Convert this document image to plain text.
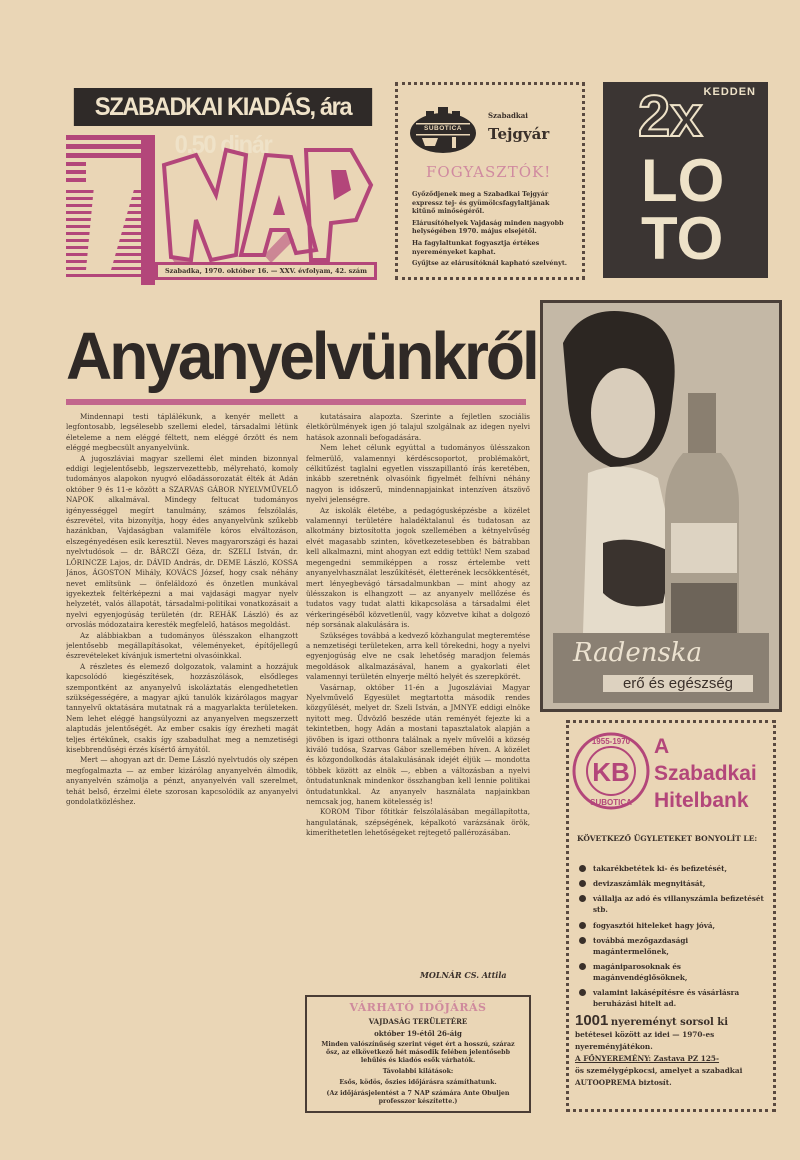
SZABADKAI KIADÁS, ára 0.50 dinár
Szabadka, 1970. október 16. — XXV. évfolyam, 42. szám
SUBOTICA
Szabadkai
Tejgyár
FOGYASZTÓK!

Győződjenek meg a Szabadkai Tejgyár expressz tej- és gyümölcsfagylaltjának kitűnő minőségéről.

Elárusítóhelyek Vajdaság minden nagyobb helységében 1970. május elsejétől.

Ha fagylaltunkat fogyasztja értékes nyereményeket kaphat.

Gyűjtse az elárusítóknál kapható szelvényt.

KEDDEN
2x
LOTO
Anyanyelvünkről

Mindennapi testi táplálékunk, a kenyér mellett a legfontosabb, legsélesebb szellemi eledel, társadalmi létünk életeleme a nem eléggé féltett, nem eléggé őrzött és nem eléggé megbecsült anyanyelvünk.

A jugoszláviai magyar szellemi élet minden bizonnyal eddigi legjelentősebb, legszervezettebb, mélyreható, komoly tudományos alapokon nyugvó előadássorozatát élték át Adán október 9 és 11-e között a SZARVAS GÁBOR NYELVMŰVELŐ NAPOK alkalmával. Mindegy feltucat tudományos igényességgel megírt tanulmány, számos felszólalás, észrevétel, vita bizonyítja, hogy édes anyanyelvünk szűkebb hazánkban, Vajdaságban valamiféle kóros elváltozáson, elszegényedésen esik keresztül. Neves magyarországi és hazai nyelvtudósok — dr. BÁRCZI Géza, dr. SZELI István, dr. LŐRINCZE Lajos, dr. DÁVID András, dr. DEME László, KOSSA János, ÁGOSTON Mihály, KOVÁCS József, hogy csak néhány nevet említsünk — önfeláldozó és önzetlen munkával igyekeztek feltérképezni a mai vajdasági magyar nyelv helyzetét, valós állapotát, társadalmi-politikai vonatkozásait a nyelvi egyenjogúság területén (dr. REHÁK László) és az orvoslás módozataira keresték megfelelő, hatásos megoldást.

Az alábbiakban a tudományos ülésszakon elhangzott jelentősebb megállapításokat, véleményeket, építőjellegű észrevételeket kívánjuk ismertetni olvasóinkkal.

A részletes és elemező dolgozatok, valamint a hozzájuk kapcsolódó kiegészítések, hozzászólások, elsődleges szempontként az anyanyelvű iskoláztatás elengedhetetlen szükségességére, a magyar ajkú tanulók kizárólagos magyar tannyelvű oktatására mutatnak rá a magyarlakta területeken. Nem lehet eléggé hangsúlyozni az anyanyelven megszerzett alaptudás jelentőségét. Az ember csakis így érezheti magát teljes értékűnek, csakis így szabadulhat meg a nemzetiségi kisebbrendűségi érzés kísértő árnyától.

Mert — ahogyan azt dr. Deme László nyelvtudós oly szépen megfogalmazta — az ember kizárólag anyanyelvén álmodik, anyanyelvén számolja a pénzt, anyanyelvén vall szerelmet, tehát belső, érzelmi élete szorosan kapcsolódik az anyanyelvi gondolatközléshez.

kutatásaira alapozta. Szerinte a fejletlen szociális életkörülmények igen jó talajul szolgálnak az idegen nyelvi hatások azonnali befogadására.

Nem lehet célunk egyúttal a tudományos ülésszakon felmerülő, valamennyi kérdéscsoportot, problémakört, célkitűzést taglalni egyetlen visszapillantó írás keretében, inkább szeretnénk olvasóink figyelmét felhívni néhány nagyon is időszerű, mindennapjainkat intenzíven átszövő nyelvi jelenségre.

Az iskolák életébe, a pedagógusképzésbe a közélet valamennyi területére haladéktalanul és tudatosan az alkotmány biztosította jogok szellemében a kétnyelvűség elvét magasabb szinten, következetesebben és bátrabban kell alkalmazni, mint ahogyan ezt eddig tettük! Nem szabad megengedni semmiképpen a rossz értelembe vett anyanyelvhasználat leszűkítését, életterének lecsökkentését, mert lényegbevágó társadalmunkban — mint ahogy az ülésszakon is elhangzott — az anyanyelv mellőzése és tudatos vagy tudat alatti kikapcsolása a társadalmi élet vérkeringéséből közvetlenül, vagy közvetve kihat a dolgozó nép sorsának alakulására is.

Szükséges továbbá a kedvező közhangulat megteremtése a nemzetiségi területeken, arra kell törekedni, hogy a nyelvi egyenjogúság elve ne csak lehetőség maradjon felemás megoldások alkalmazásával, hanem a gyakorlati élet valamennyi területén elnyerje méltó helyét és szerepkörét.

Vasárnap, október 11-én a Jugoszláviai Magyar Nyelvművelő Egyesület megtartotta második rendes közgyűlését, melyet dr. Szeli István, a JMNYE eddigi elnöke nyitott meg. Üdvözlő beszéde után reményét fejezte ki a tekintetben, hogy Adán a mostani tapasztalatok alapján a jövőben is igazi otthonra találnak a nyelv művelői a község kiváló tudósa, Szarvas Gábor szellemében híven. A közélet és közgondolkodás átalakulásának idejét éljük — mondotta többek között az elnök —, ebben a változásban a nyelvi öntudatunknak mindenkor összhangban kell lennie politikai öntudatunkkal. Az anyanyelv használata napjainkban nemcsak jog, hanem kötelesség is!

KOROM Tibor főtitkár felszólalásában megállapította, hangulatának, szépségének, képalkotó varázsának örök, kimeríthetetlen lehetőségeket rejtegető pallérozásában.

MOLNÁR CS. Attila
VÁRHATÓ IDŐJÁRÁS
VAJDASÁG TERÜLETÉRE
október 19-étől 26-áig
Minden valószínűség szerint véget ért a hosszú, száraz ősz, az elkövetkező hét második felében jelentősebb lehűlés és kiadós esők várhatók.
Távolabbi kilátások:
Esős, ködös, őszies időjárásra számíthatunk.
(Az időjárásjelentést a 7 NAP számára Ante Obuljen professzor készítette.)
Radenska
erő és egészség
KB
1955-1970
SUBOTICA
A
Szabadkai
Hitelbank
KÖVETKEZŐ ÜGYLETEKET BONYOLÍT LE:
takarékbetétek ki- és befizetését,
devizaszámlák megnyitását,
vállalja az adó és villanyszámla befizetését stb.
fogyasztói hiteleket hagy jóvá,
továbbá mezőgazdasági magántermelőnek,
magániparosoknak és magánvendéglősöknek,
valamint lakásépítésre és vásárlásra beruházási hitelt ad.
1001 nyereményt sorsol ki
betétesei között az idei — 1970-es nyereményjátékon.
A FŐNYEREMÉNY: Zastava PZ 125-
ös személygépkocsi, amelyet a szabadkai AUTOOPREMA biztosít.
